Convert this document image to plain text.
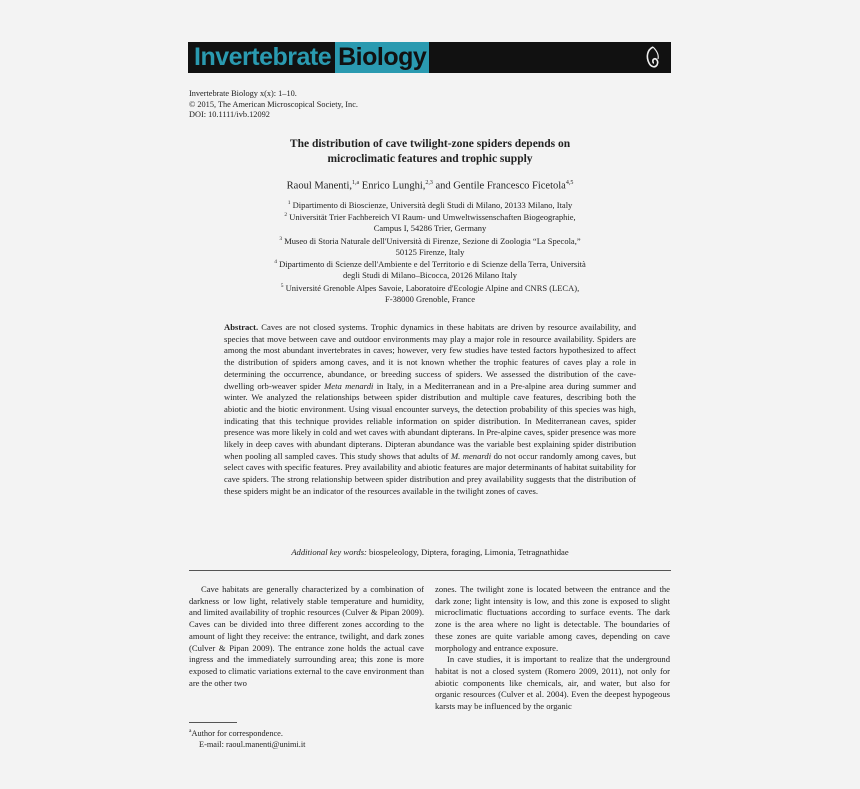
Invertebrate Biology
Invertebrate Biology x(x): 1–10.
© 2015, The American Microscopical Society, Inc.
DOI: 10.1111/ivb.12092
The distribution of cave twilight-zone spiders depends on
microclimatic features and trophic supply
Raoul Manenti,$^{1,a}$ Enrico Lunghi,$^{2,3}$ and Gentile Francesco Ficetola$^{4,5}$
$^1$ Dipartimento di Bioscienze, Università degli Studi di Milano, 20133 Milano, Italy
$^2$ Universität Trier Fachbereich VI Raum- und Umweltwissenschaften Biogeographie,
Campus I, 54286 Trier, Germany
$^3$ Museo di Storia Naturale dell'Università di Firenze, Sezione di Zoologia “La Specola,”
50125 Firenze, Italy
$^4$ Dipartimento di Scienze dell'Ambiente e del Territorio e di Scienze della Terra, Università
degli Studi di Milano–Bicocca, 20126 Milano Italy
$^5$ Université Grenoble Alpes Savoie, Laboratoire d'Ecologie Alpine and CNRS (LECA),
F-38000 Grenoble, France
Abstract. Caves are not closed systems. Trophic dynamics in these habitats are driven by resource availability, and species that move between cave and outdoor environments may play a major role in resource availability. Spiders are among the most abundant invertebrates in caves; however, very few studies have tested factors hypothesized to affect the distribution of spiders among caves, and it is not known whether the trophic features of caves play a role in determining the occurrence, abundance, or breeding success of spiders. We assessed the distribution of the cave-dwelling orb-weaver spider Meta menardi in Italy, in a Mediterranean and in a Pre-alpine area during summer and winter. We analyzed the relationships between spider distribution and multiple cave features, describing both the abiotic and the biotic environment. Using visual encounter surveys, the detection probability of this species was high, indicating that this technique provides reliable information on spider distribution. In Mediterranean caves, spider presence was more likely in cold and wet caves with abundant dipterans. In Pre-alpine caves, spider presence was more likely in deep caves with abundant dipterans. Dipteran abundance was the variable best explaining spider distribution when pooling all sampled caves. This study shows that adults of M. menardi do not occur randomly among caves, but select caves with specific features. Prey availability and abiotic features are major determinants of habitat suitability for cave spiders. The strong relationship between spider distribution and prey availability suggests that the distribution of these spiders might be an indicator of the resources available in the twilight zones of caves.
Additional key words: biospeleology, Diptera, foraging, Limonia, Tetragnathidae

Cave habitats are generally characterized by a combination of darkness or low light, relatively stable temperature and humidity, and limited availability of trophic resources (Culver & Pipan 2009). Caves can be divided into three different zones according to the amount of light they receive: the entrance, twilight, and dark zones (Culver & Pipan 2009). The entrance zone holds the actual cave ingress and the immediately surrounding area; this zone is more exposed to climatic variations external to the cave environment than are the other two

zones. The twilight zone is located between the entrance and the dark zone; light intensity is low, and this zone is exposed to slight microclimatic fluctuations according to surface events. The dark zone is the area where no light is detectable. The boundaries of these zones are quite variable among caves, depending on cave morphology and entrance exposure.

In cave studies, it is important to realize that the underground habitat is not a closed system (Romero 2009, 2011), not only for abiotic components like chemicals, air, and water, but also for organic resources (Culver et al. 2004). Even the deepest hypogeous karsts may be influenced by the organic

$^a$Author for correspondence.
E-mail: raoul.manenti@unimi.it
